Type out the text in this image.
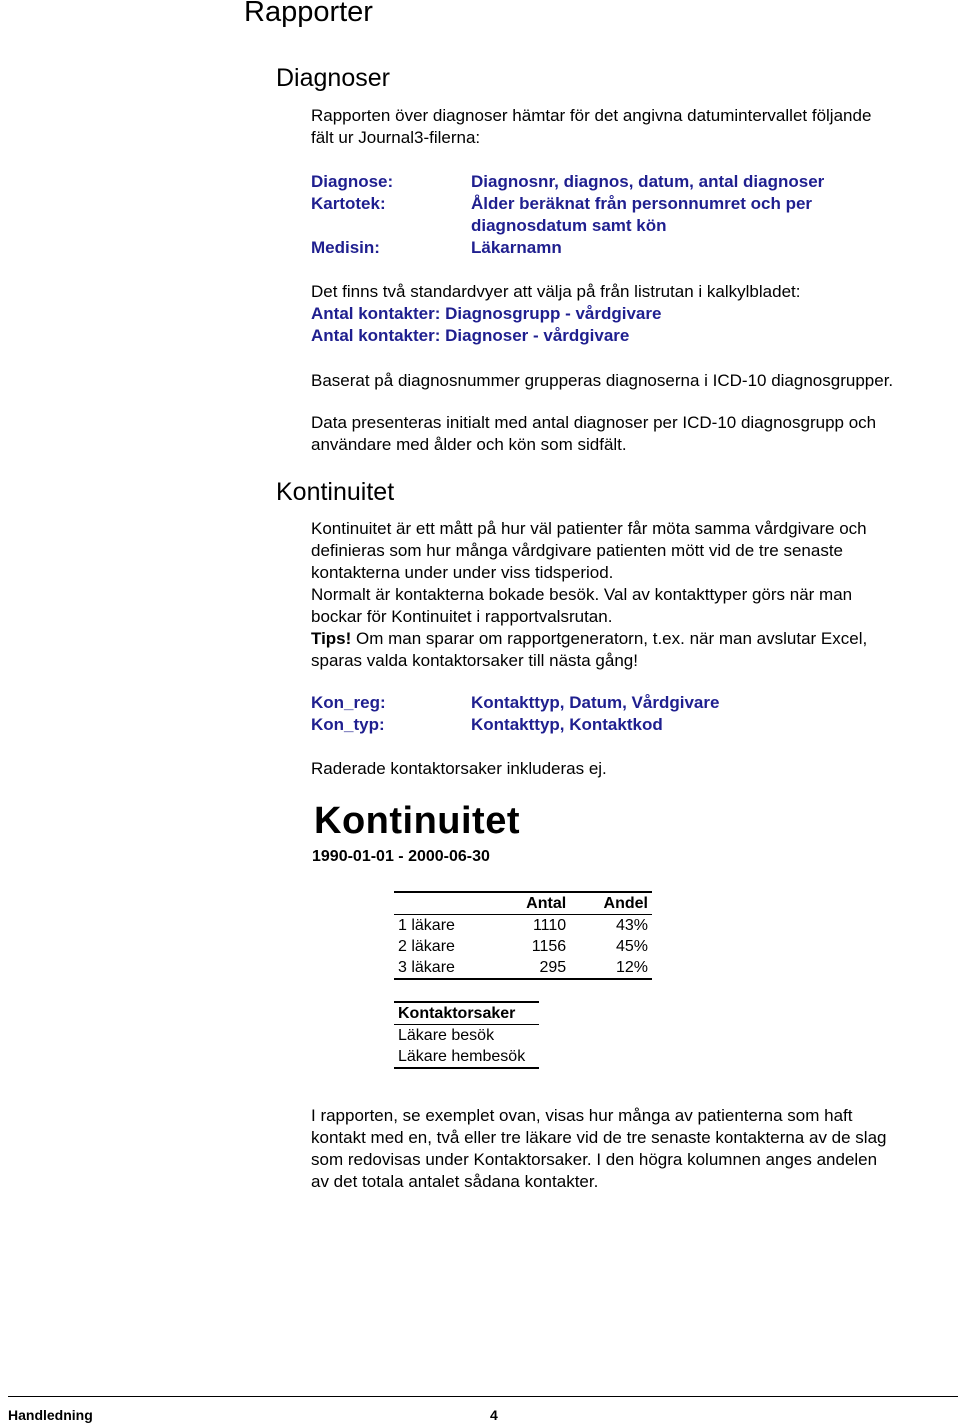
Rapporter
Diagnoser

Rapporten över diagnoser hämtar för det angivna datumintervallet följande
fält ur Journal3-filerna:

Diagnose:	Diagnosnr, diagnos, datum, antal diagnoser
Kartotek:	Ålder beräknat från personnumret och per
diagnosdatum samt kön
Medisin:	Läkarnamn

Det finns två standardvyer att välja på från listrutan i kalkylbladet:
Antal kontakter: Diagnosgrupp - vårdgivare
Antal kontakter: Diagnoser - vårdgivare

Baserat på diagnosnummer grupperas diagnoserna i ICD-10 diagnosgrupper.

Data presenteras initialt med antal diagnoser per ICD-10 diagnosgrupp och
användare med ålder och kön som sidfält.

Kontinuitet

Kontinuitet är ett mått på hur väl patienter får möta samma vårdgivare och
definieras som hur många vårdgivare patienten mött vid de tre senaste
kontakterna under under viss tidsperiod.
Normalt är kontakterna bokade besök. Val av kontakttyper görs när man
bockar för Kontinuitet i rapportvalsrutan.
Tips! Om man sparar om rapportgeneratorn, t.ex. när man avslutar Excel,
sparas valda kontaktorsaker till nästa gång!

Kon_reg:	Kontakttyp, Datum, Vårdgivare
Kon_typ:	Kontakttyp, Kontaktkod

Raderade kontaktorsaker inkluderas ej.

Kontinuitet

1990-01-01 - 2000-06-30

	Antal	Andel
1 läkare	1110	43%
2 läkare	1156	45%
3 läkare	295	12%
Kontaktorsaker
Läkare besök
Läkare hembesök

I rapporten, se exemplet ovan, visas hur många av patienterna som haft
kontakt med en, två eller tre läkare vid de tre senaste kontakterna av de slag
som redovisas under Kontaktorsaker. I den högra kolumnen anges andelen
av det totala antalet sådana kontakter.

Handledning	4
